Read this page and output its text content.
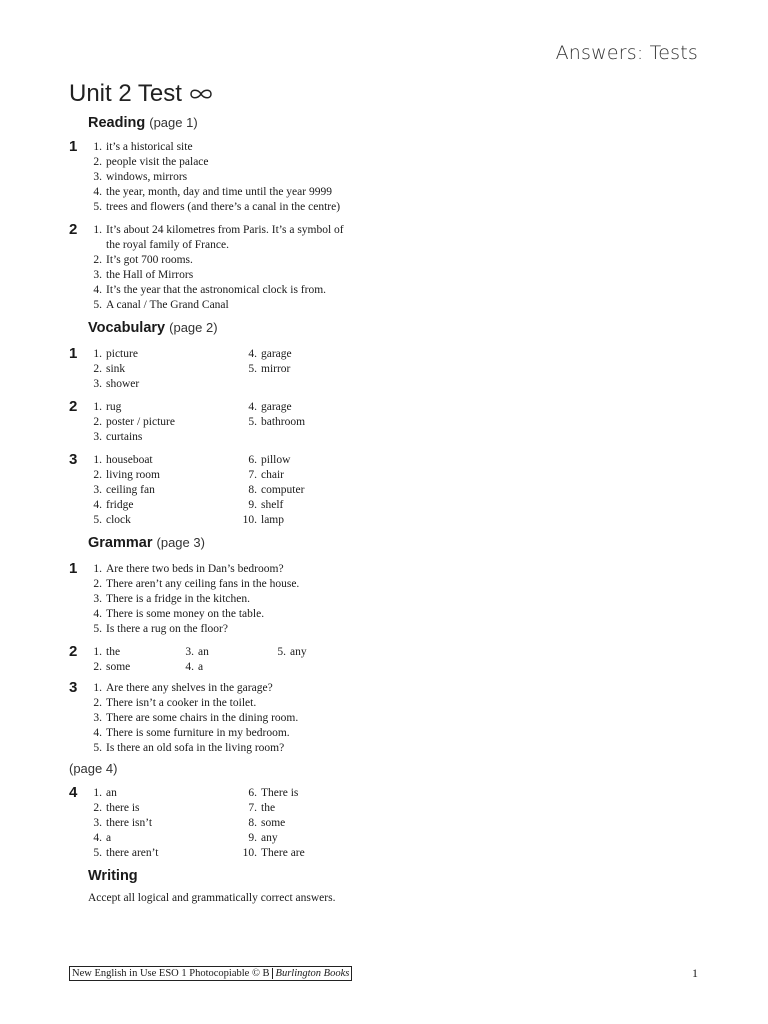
Answers: Tests
Unit 2 Test
Reading (page 1)
1	1. it’s a historical site
2. people visit the palace
3. windows, mirrors
4. the year, month, day and time until the year 9999
5. trees and flowers (and there’s a canal in the centre)
2	1. It’s about 24 kilometres from Paris. It’s a symbol of the royal family of France.
2. It’s got 700 rooms.
3. the Hall of Mirrors
4. It’s the year that the astronomical clock is from.
5. A canal / The Grand Canal
Vocabulary (page 2)
1	1. picture	4. garage
2. sink	5. mirror
3. shower
2	1. rug	4. garage
2. poster / picture	5. bathroom
3. curtains
3	1. houseboat	6. pillow
2. living room	7. chair
3. ceiling fan	8. computer
4. fridge	9. shelf
5. clock	10. lamp
Grammar (page 3)
1	1. Are there two beds in Dan’s bedroom?
2. There aren’t any ceiling fans in the house.
3. There is a fridge in the kitchen.
4. There is some money on the table.
5. Is there a rug on the floor?
2	1. the	3. an	5. any
2. some	4. a
3	1. Are there any shelves in the garage?
2. There isn’t a cooker in the toilet.
3. There are some chairs in the dining room.
4. There is some furniture in my bedroom.
5. Is there an old sofa in the living room?
(page 4)
4	1. an	6. There is
2. there is	7. the
3. there isn’t	8. some
4. a	9. any
5. there aren’t	10. There are
Writing
Accept all logical and grammatically correct answers.
New English in Use ESO 1 Photocopiable © B Burlington Books	1
